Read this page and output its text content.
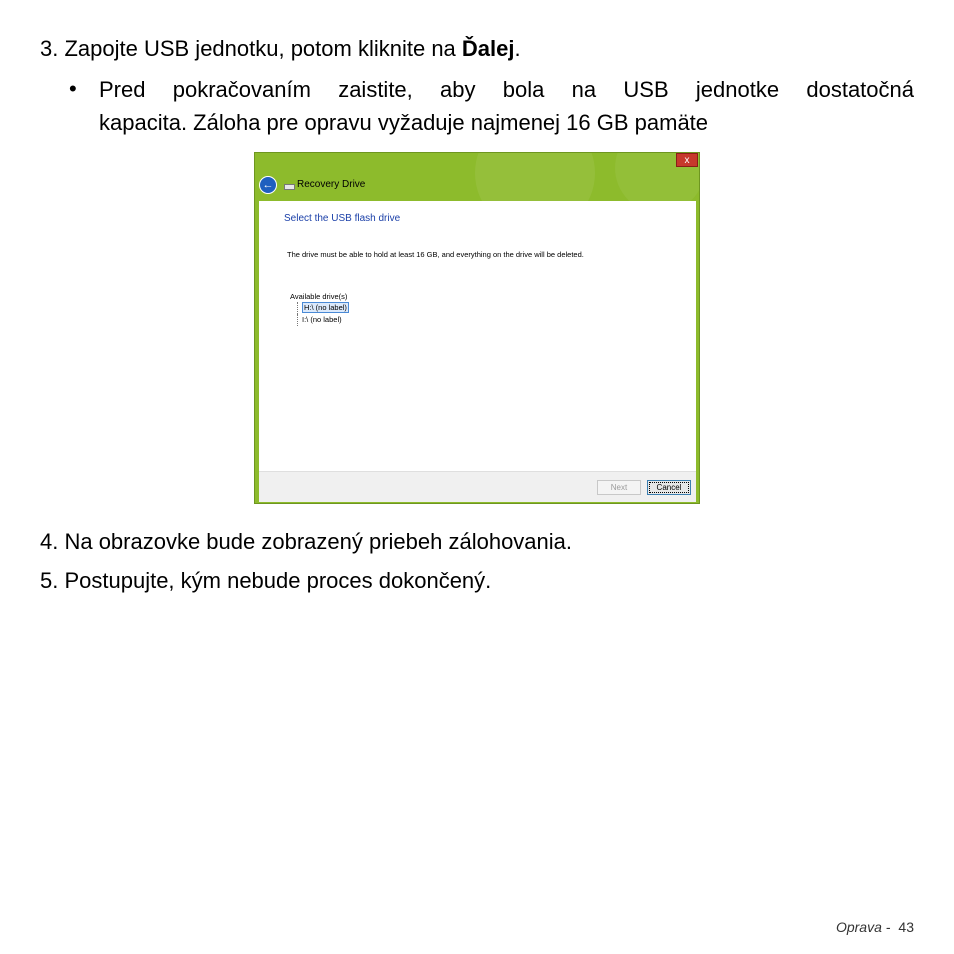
3. Zapojte USB jednotku, potom kliknite na Ďalej.
• Pred pokračovaním zaistite, aby bola na USB jednotke dostatočná
kapacita. Záloha pre opravu vyžaduje najmenej 16 GB pamäte
x
←	Recovery Drive
Select the USB flash drive
The drive must be able to hold at least 16 GB, and everything on the drive will be deleted.
Available drive(s)
H:\ (no label)
I:\ (no label)
Next	Cancel
4. Na obrazovke bude zobrazený priebeh zálohovania.
5. Postupujte, kým nebude proces dokončený.
Oprava - 43
